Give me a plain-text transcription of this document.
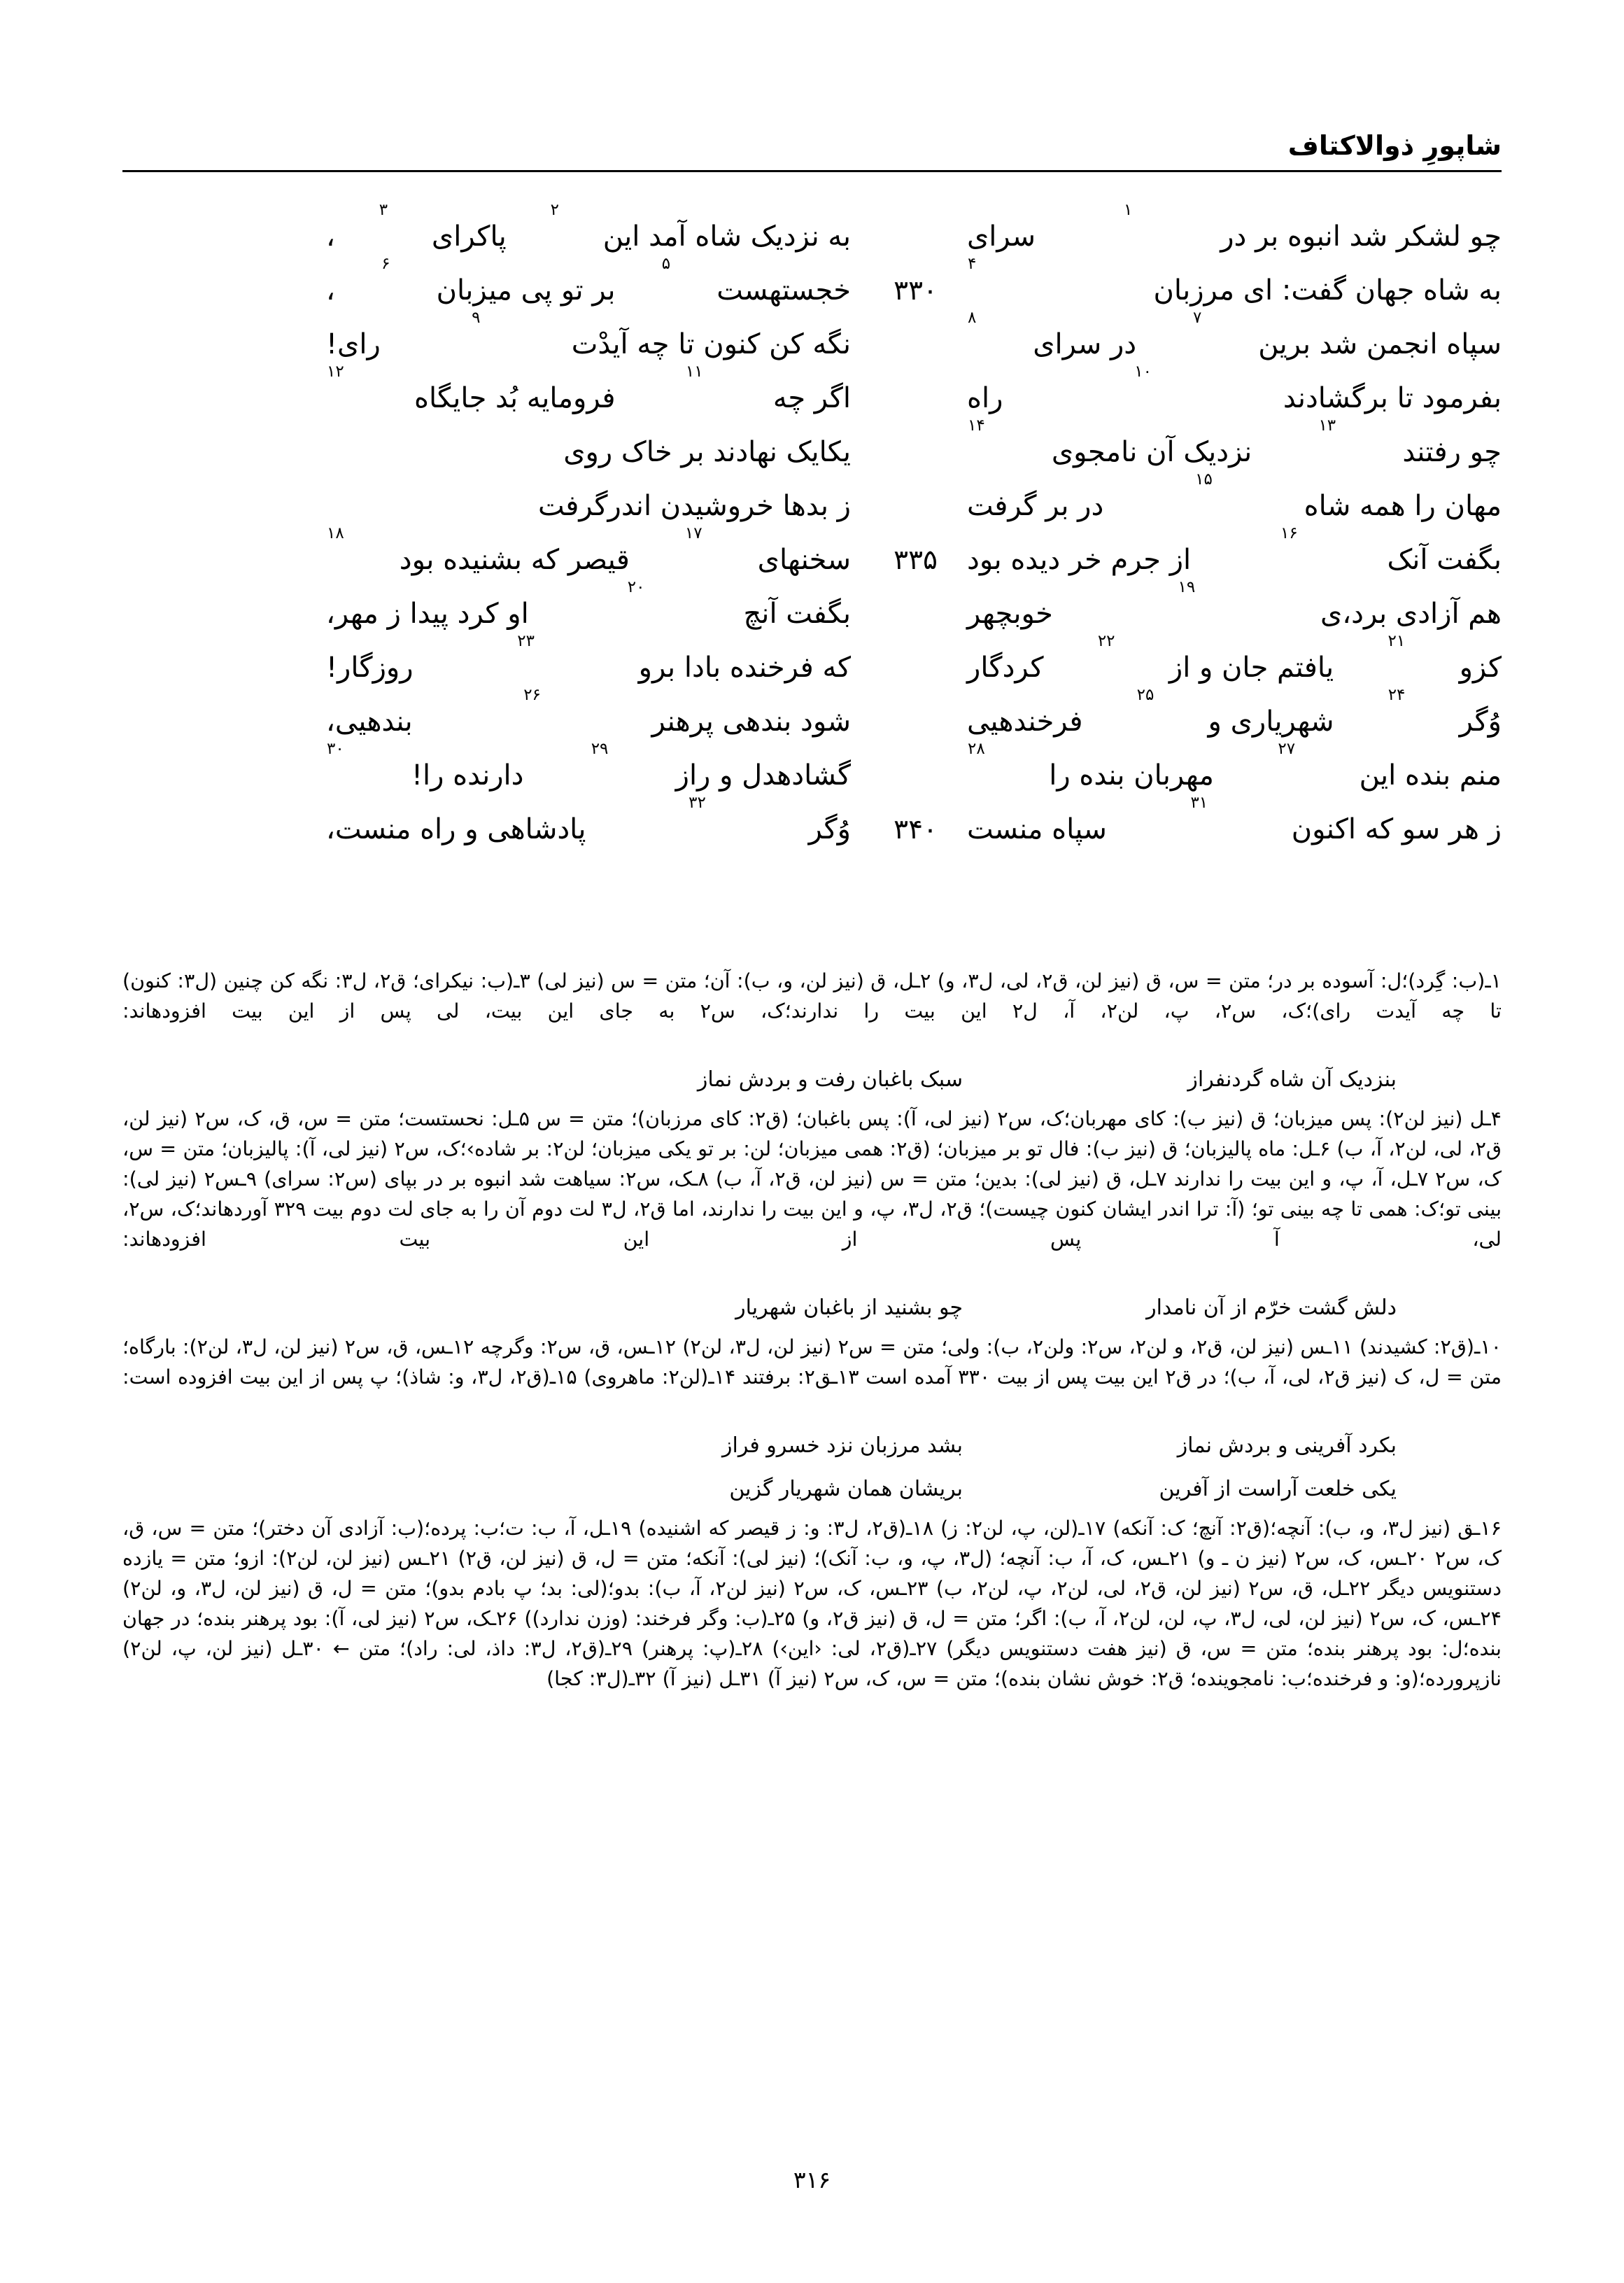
شاپورِ ذوالاکتاف
چو لشکر شد انبوه بر در
۱
سرای
به نزدیک شاه آمد این
۲
پاکرای
۳
،
به شاه جهان گفت: ای مرزبان
۴
۳۳۰
خجستهست
۵
بر تو پی میزبان
۶
،
سپاه انجمن شد برین
۷
در سرای
۸
نگه کن کنون تا چه آیدْت
۹
رای!
بفرمود تا برگشادند
۱۰
راه
اگر چه
۱۱
فرومایه بُد جایگاه
۱۲
چو رفتند
۱۳
نزدیک آن نامجوی
۱۴
یکایک نهادند بر خاک روی
مهان را همه شاه
۱۵
در بر گرفت
ز بدها خروشیدن اندرگرفت
بگفت آنک
۱۶
از جرم خر دیده بود
۳۳۵
سخنهای
۱۷
قیصر که بشنیده بود
۱۸
هم آزادی برد،ی
۱۹
خوبچهر
بگفت آنچ
۲۰
او کرد پیدا ز مهر،
کزو
۲۱
یافتم جان و از
۲۲
کردگار
که فرخنده بادا برو
۲۳
روزگار!
وُگر
۲۴
شهریاری و
۲۵
فرخندهیی
شود بندهی پرهنر
۲۶
بندهیی،
منم بنده این
۲۷
مهربان بنده را
۲۸
گشادهدل و راز
۲۹
دارنده را!
۳۰
ز هر سو که اکنون
۳۱
سپاه منست
۳۴۰
وُگر
۳۲
پادشاهی و راه منست،

۱ـ(ب: گِرد)؛ل: آسوده بر در؛ متن = س، ق (نیز لن، ق۲، لی، ل۳، و) ۲ـل، ق (نیز لن، و، ب): آن؛ متن = س (نیز لی) ۳ـ(ب: نیکرای؛ ق۲، ل۳: نگه کن چنین (ل۳: کنون) تا چه آیدت رای)؛ک، س۲، پ، لن۲، آ، ل۲ این بیت را ندارند؛ک، س۲ به جای این بیت، لی پس از این بیت افزودهاند:

بنزدیک آن شاه گردنفراز
سبک باغبان رفت و بردش نماز

۴ـل (نیز لن۲): پس میزبان؛ ق (نیز ب): کای مهربان؛ک، س۲ (نیز لی، آ): پس باغبان؛ (ق۲: کای مرزبان)؛ متن = س ۵ـل: نحستست؛ متن = س، ق، ک، س۲ (نیز لن، ق۲، لی، لن۲، آ، ب) ۶ـل: ماه پالیزبان؛ ق (نیز ب): فال تو بر میزبان؛ (ق۲: همی میزبان؛ لن: بر تو یکی میزبان؛ لن۲: بر شاده›؛ک، س۲ (نیز لی، آ): پالیزبان؛ متن = س، ک، س۲ ۷ـل، آ، پ، و این بیت را ندارند ۷ـل، ق (نیز لی): بدین؛ متن = س (نیز لن، ق۲، آ، ب) ۸ـک، س۲: سیاهت شد انبوه بر در بپای (س۲: سرای) ۹ـس۲ (نیز لی): بینی تو؛ک: همی تا چه بینی تو؛ (آ: ترا اندر ایشان کنون چیست)؛ ق۲، ل۳، پ، و این بیت را ندارند، اما ق۲، ل۳ لت دوم آن را به جای لت دوم بیت ۳۲۹ آوردهاند؛ک، س۲، لی، آ پس از این بیت افزودهاند:

دلش گشت خرّم از آن نامدار
چو بشنید از باغبان شهریار

۱۰ـ(ق۲: کشیدند) ۱۱ـس (نیز لن، ق۲، و لن۲، س۲: ولن۲، ب): ولی؛ متن = س۲ (نیز لن، ل۳، لن۲) ۱۲ـس، ق، س۲: وگرچه ۱۲ـس، ق، س۲ (نیز لن، ل۳، لن۲): بارگاه؛ متن = ل، ک (نیز ق۲، لی، آ، ب)؛ در ق۲ این بیت پس از بیت ۳۳۰ آمده است ۱۳ـق۲: برفتند ۱۴ـ(لن۲: ماهروی) ۱۵ـ(ق۲، ل۳، و: شاذ)؛ پ پس از این بیت افزوده است:

بکرد آفرینی و بردش نماز
بشد مرزبان نزد خسرو فراز
یکی خلعت آراست از آفرین
بریشان همان شهریار گزین

۱۶ـق (نیز ل۳، و، ب): آنچه؛(ق۲: آنچ؛ ک: آنکه) ۱۷ـ(لن، پ، لن۲: ز) ۱۸ـ(ق۲، ل۳: و: ز قیصر که اشنیده) ۱۹ـل، آ، ب: ت؛ب: پرده؛(ب: آزادی آن دختر)؛ متن = س، ق، ک، س۲ ۲۰ـس، ک، س۲ (نیز ن ـ و) ۲۱ـس، ک، آ، ب: آنچه؛ (ل۳، پ، و، ب: آنک)؛ (نیز لی): آنکه؛ متن = ل، ق (نیز لن، ق۲) ۲۱ـس (نیز لن، لن۲): ازو؛ متن = یازده دستنویس دیگر ۲۲ـل، ق، س۲ (نیز لن، ق۲، لی، لن۲، پ، لن۲، ب) ۲۳ـس، ک، س۲ (نیز لن۲، آ، ب): بدو؛(لی: بد؛ پ بادم بدو)؛ متن = ل، ق (نیز لن، ل۳، و، لن۲) ۲۴ـس، ک، س۲ (نیز لن، لی، ل۳، پ، لن، لن۲، آ، ب): اگر؛ متن = ل، ق (نیز ق۲، و) ۲۵ـ(ب: وگر فرخند: (وزن ندارد)) ۲۶ـک، س۲ (نیز لی، آ): بود پرهنر بنده؛ در جهان بنده؛ل: بود پرهنر بنده؛ متن = س، ق (نیز هفت دستنویس دیگر) ۲۷ـ(ق۲، لی: ‹این›) ۲۸ـ(پ: پرهنر) ۲۹ـ(ق۲، ل۳: داذ، لی: راد)؛ متن ← ۳۰ـل (نیز لن، پ، لن۲) نازپرورده؛(و: و فرخنده؛ب: نامجوینده؛ ق۲: خوش نشان بنده)؛ متن = س، ک، س۲ (نیز آ) ۳۱ـل (نیز آ) ۳۲ـ(ل۳: کجا)

۳۱۶
